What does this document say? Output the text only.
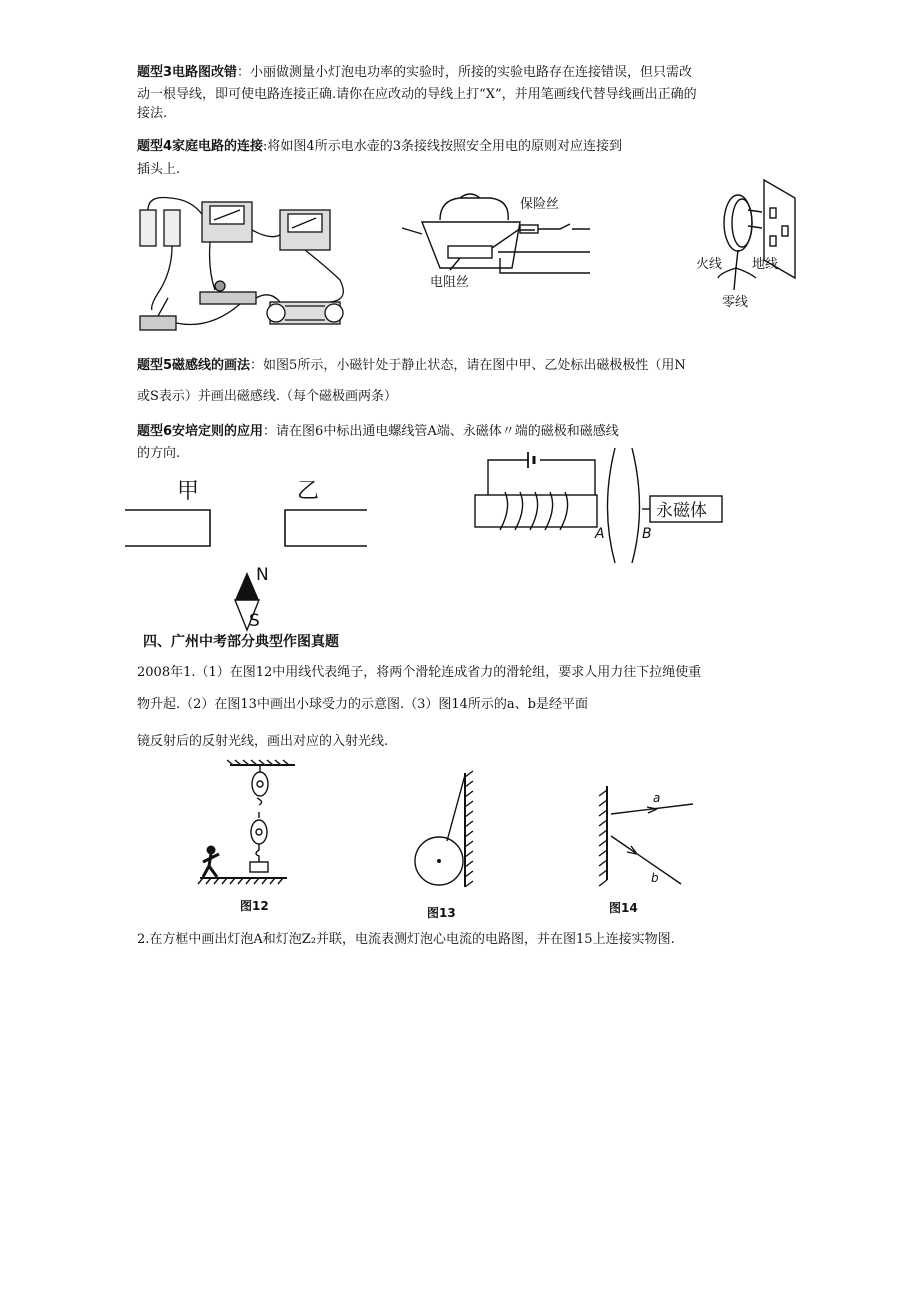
题型3电路图改错：小丽做测量小灯泡电功率的实验时，所接的实验电路存在连接错误，但只需改
动一根导线，即可使电路连接正确.请你在应改动的导线上打“X”，并用笔画线代替导线画出正确的
接法.
题型4家庭电路的连接:将如图4所示电水壶的3条接线按照安全用电的原则对应连接到
插头上.
保险丝
电阻丝
火线 地线
零线
题型5磁感线的画法：如图5所示，小磁针处于静止状态，请在图中甲、乙处标出磁极极性（用N
或S表示）并画出磁感线.（每个磁极画两条）
题型6安培定则的应用：请在图6中标出通电螺线管A端、永磁体〃端的磁极和磁感线
的方向.
甲	乙
N
S
永磁体
A	B
四、广州中考部分典型作图真题
2008年1.（1）在图12中用线代表绳子，将两个滑轮连成省力的滑轮组，要求人用力往下拉绳使重
物升起.（2）在图13中画出小球受力的示意图.（3）图14所示的a、b是经平面
镜反射后的反射光线，画出对应的入射光线.
图12	图13
a
b
图14
2.在方框中画出灯泡A和灯泡Z₂并联，电流表测灯泡心电流的电路图，并在图15上连接实物图.
